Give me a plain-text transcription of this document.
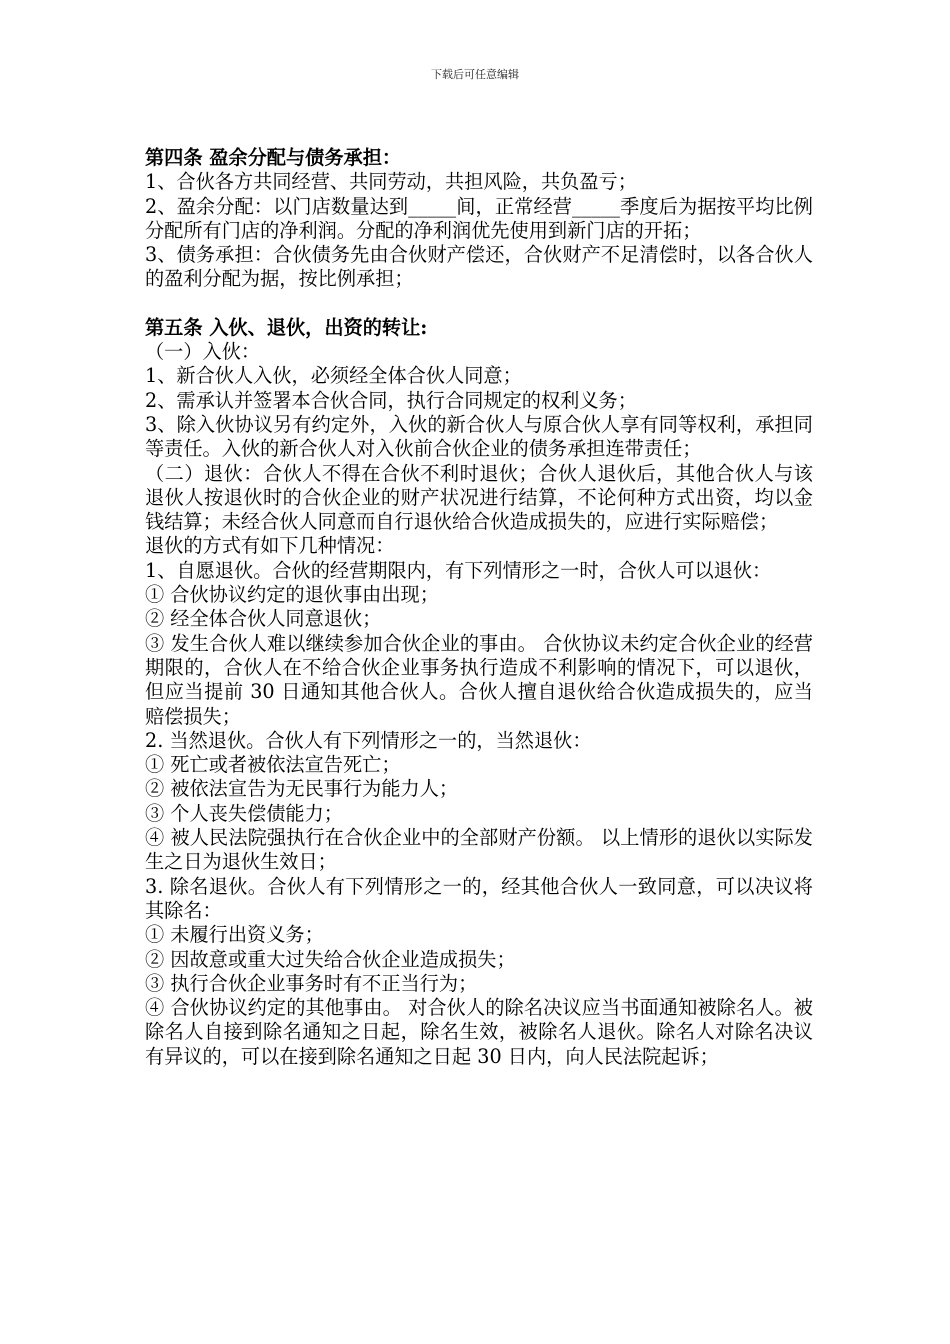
下载后可任意编辑

第四条 盈余分配与债务承担：

1、合伙各方共同经营、共同劳动，共担风险，共负盈亏；

2、盈余分配：以门店数量达到_____间，正常经营_____季度后为据按平均比例分配所有门店的净利润。分配的净利润优先使用到新门店的开拓；

3、债务承担：合伙债务先由合伙财产偿还，合伙财产不足清偿时，以各合伙人的盈利分配为据，按比例承担；

第五条 入伙、退伙，出资的转让:

（一）入伙：

1、新合伙人入伙，必须经全体合伙人同意；

2、需承认并签署本合伙合同，执行合同规定的权利义务；

3、除入伙协议另有约定外，入伙的新合伙人与原合伙人享有同等权利，承担同等责任。入伙的新合伙人对入伙前合伙企业的债务承担连带责任；

（二）退伙：合伙人不得在合伙不利时退伙；合伙人退伙后，其他合伙人与该退伙人按退伙时的合伙企业的财产状况进行结算，不论何种方式出资，均以金钱结算；未经合伙人同意而自行退伙给合伙造成损失的，应进行实际赔偿；

退伙的方式有如下几种情况：

1、自愿退伙。合伙的经营期限内，有下列情形之一时，合伙人可以退伙：

① 合伙协议约定的退伙事由出现；

② 经全体合伙人同意退伙；

③ 发生合伙人难以继续参加合伙企业的事由。 合伙协议未约定合伙企业的经营期限的，合伙人在不给合伙企业事务执行造成不利影响的情况下，可以退伙，但应当提前 30 日通知其他合伙人。合伙人擅自退伙给合伙造成损失的，应当赔偿损失；

2. 当然退伙。合伙人有下列情形之一的，当然退伙：

① 死亡或者被依法宣告死亡；

② 被依法宣告为无民事行为能力人；

③ 个人丧失偿债能力；

④ 被人民法院强执行在合伙企业中的全部财产份额。 以上情形的退伙以实际发生之日为退伙生效日；

3. 除名退伙。合伙人有下列情形之一的，经其他合伙人一致同意，可以决议将其除名：

① 未履行出资义务；

② 因故意或重大过失给合伙企业造成损失；

③ 执行合伙企业事务时有不正当行为；

④ 合伙协议约定的其他事由。 对合伙人的除名决议应当书面通知被除名人。被除名人自接到除名通知之日起，除名生效，被除名人退伙。除名人对除名决议有异议的，可以在接到除名通知之日起 30 日内，向人民法院起诉；
